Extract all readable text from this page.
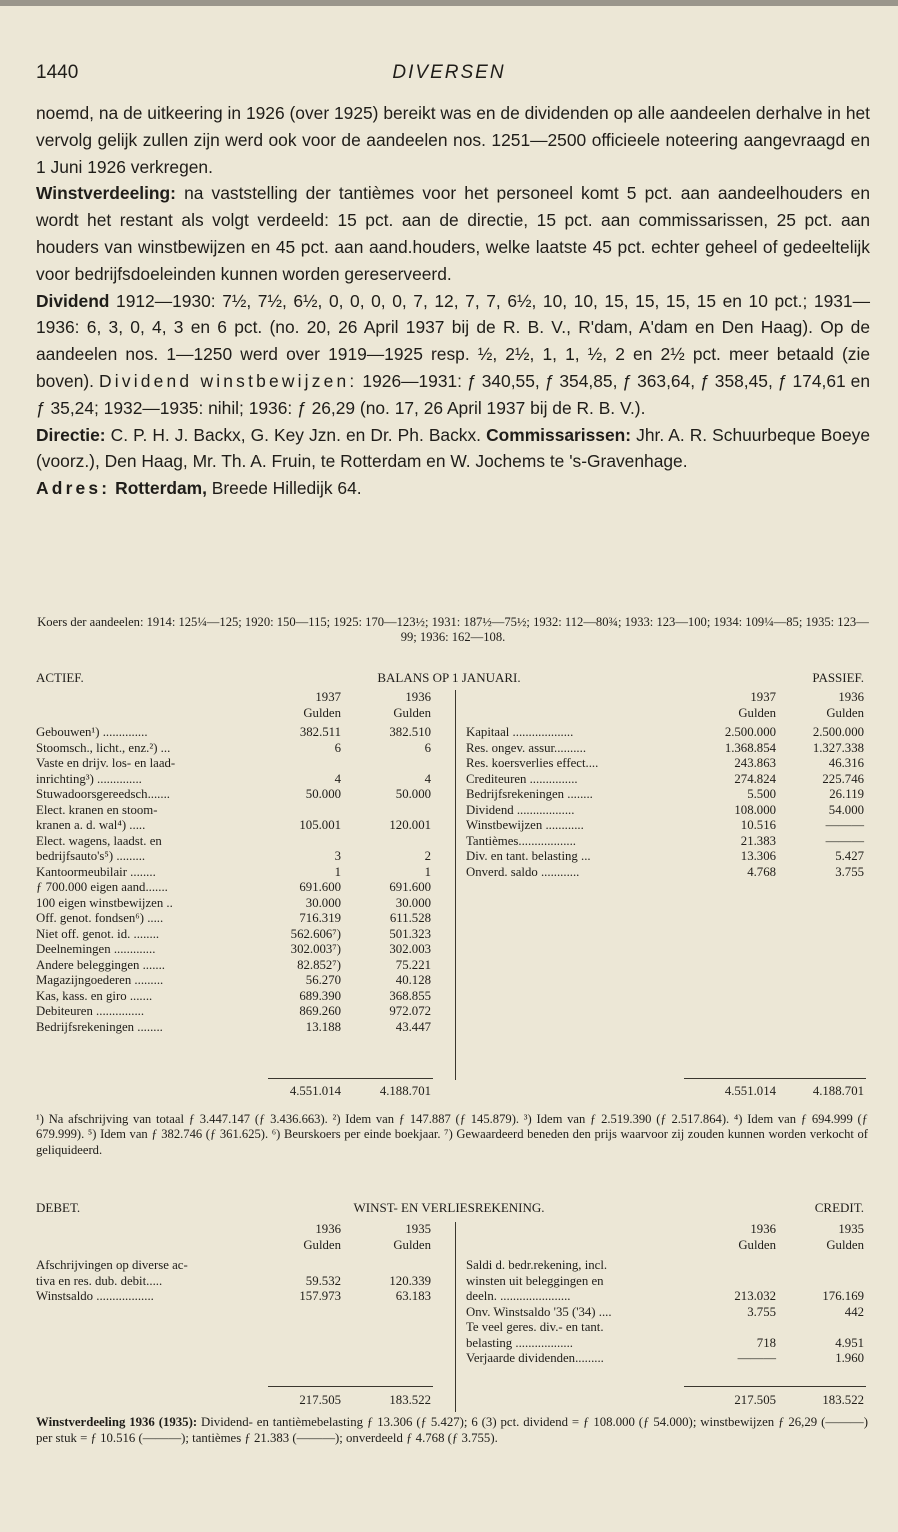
1440	DIVERSEN

noemd, na de uitkeering in 1926 (over 1925) bereikt was en de dividenden op alle aandeelen derhalve in het vervolg gelijk zullen zijn werd ook voor de aandeelen nos. 1251—2500 officieele noteering aangevraagd en 1 Juni 1926 verkregen.

Winstverdeeling: na vaststelling der tantièmes voor het personeel komt 5 pct. aan aandeelhouders en wordt het restant als volgt verdeeld: 15 pct. aan de directie, 15 pct. aan commissarissen, 25 pct. aan houders van winstbewijzen en 45 pct. aan aand.houders, welke laatste 45 pct. echter geheel of gedeeltelijk voor bedrijfsdoeleinden kunnen worden gereserveerd.

Dividend 1912—1930: 7½, 7½, 6½, 0, 0, 0, 0, 7, 12, 7, 7, 6½, 10, 10, 15, 15, 15, 15 en 10 pct.; 1931—1936: 6, 3, 0, 4, 3 en 6 pct. (no. 20, 26 April 1937 bij de R. B. V., R'dam, A'dam en Den Haag). Op de aandeelen nos. 1—1250 werd over 1919—1925 resp. ½, 2½, 1, 1, ½, 2 en 2½ pct. meer betaald (zie boven). Dividend winstbewijzen: 1926—1931: ƒ 340,55, ƒ 354,85, ƒ 363,64, ƒ 358,45, ƒ 174,61 en ƒ 35,24; 1932—1935: nihil; 1936: ƒ 26,29 (no. 17, 26 April 1937 bij de R. B. V.).

Directie: C. P. H. J. Backx, G. Key Jzn. en Dr. Ph. Backx. Commissarissen: Jhr. A. R. Schuurbeque Boeye (voorz.), Den Haag, Mr. Th. A. Fruin, te Rotterdam en W. Jochems te 's-Gravenhage.

Adres: Rotterdam, Breede Hilledijk 64.

Koers der aandeelen: 1914: 125¼—125; 1920: 150—115; 1925: 170—123½; 1931: 187½—75½; 1932: 112—80¾; 1933: 123—100; 1934: 109¼—85; 1935: 123—99; 1936: 162—108.
ACTIEF.	BALANS OP 1 JANUARI.	PASSIEF.
1937	1936
Gulden	Gulden
1937	1936
Gulden	Gulden
Gebouwen¹) ..............	382.511	382.510
Stoomsch., licht., enz.²) ...	6	6
Vaste en drijv. los- en laad-
inrichting³) ..............	4	4
Stuwadoorsgereedsch.......	50.000	50.000
Elect. kranen en stoom-
kranen a. d. wal⁴) .....	105.001	120.001
Elect. wagens, laadst. en
bedrijfsauto's⁵) .........	3	2
Kantoormeubilair ........	1	1
ƒ 700.000 eigen aand.......	691.600	691.600
100 eigen winstbewijzen ..	30.000	30.000
Off. genot. fondsen⁶) .....	716.319	611.528
Niet off. genot. id. ........	562.606⁷)	501.323
Deelnemingen .............	302.003⁷)	302.003
Andere beleggingen .......	82.852⁷)	75.221
Magazijngoederen .........	56.270	40.128
Kas, kass. en giro .......	689.390	368.855
Debiteuren ...............	869.260	972.072
Bedrijfsrekeningen ........	13.188	43.447
Kapitaal ...................	2.500.000	2.500.000
Res. ongev. assur..........	1.368.854	1.327.338
Res. koersverlies effect....	243.863	46.316
Crediteuren ...............	274.824	225.746
Bedrijfsrekeningen ........	5.500	26.119
Dividend ..................	108.000	54.000
Winstbewijzen ............	10.516	———
Tantièmes..................	21.383	———
Div. en tant. belasting ...	13.306	5.427
Onverd. saldo ............	4.768	3.755
4.551.014	4.188.701	4.551.014	4.188.701
¹) Na afschrijving van totaal ƒ 3.447.147 (ƒ 3.436.663). ²) Idem van ƒ 147.887 (ƒ 145.879). ³) Idem van ƒ 2.519.390 (ƒ 2.517.864). ⁴) Idem van ƒ 694.999 (ƒ 679.999). ⁵) Idem van ƒ 382.746 (ƒ 361.625). ⁶) Beurskoers per einde boekjaar. ⁷) Gewaardeerd beneden den prijs waarvoor zij zouden kunnen worden verkocht of geliquideerd.
DEBET.	WINST- EN VERLIESREKENING.	CREDIT.
1936	1935
Gulden	Gulden
1936	1935
Gulden	Gulden
Afschrijvingen op diverse ac-
tiva en res. dub. debit.....	59.532	120.339
Winstsaldo ..................	157.973	63.183
Saldi d. bedr.rekening, incl.
winsten uit beleggingen en
deeln. ......................	213.032	176.169
Onv. Winstsaldo '35 ('34) ....	3.755	442
Te veel geres. div.- en tant.
belasting ..................	718	4.951
Verjaarde dividenden.........	———	1.960
217.505	183.522	217.505	183.522
Winstverdeeling 1936 (1935): Dividend- en tantièmebelasting ƒ 13.306 (ƒ 5.427); 6 (3) pct. dividend = ƒ 108.000 (ƒ 54.000); winstbewijzen ƒ 26,29 (———) per stuk = ƒ 10.516 (———); tantièmes ƒ 21.383 (———); onverdeeld ƒ 4.768 (ƒ 3.755).
